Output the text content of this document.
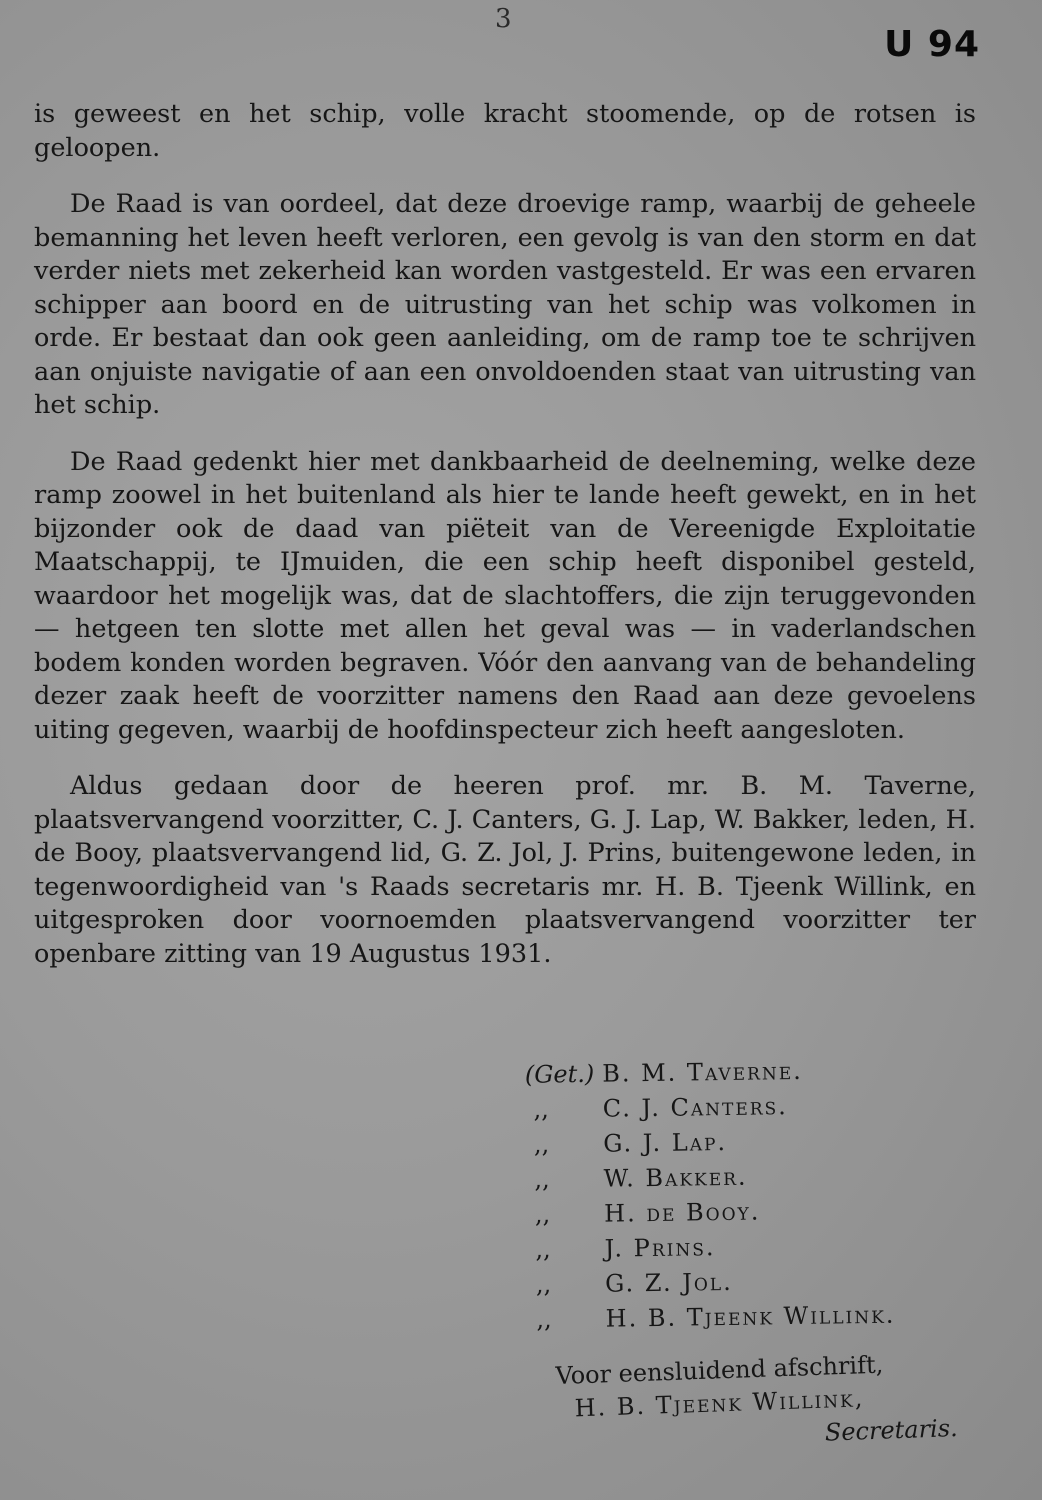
3
U 94

is geweest en het schip, volle kracht stoomende, op de rotsen is geloopen.

De Raad is van oordeel, dat deze droevige ramp, waarbij de geheele bemanning het leven heeft verloren, een gevolg is van den storm en dat verder niets met zekerheid kan worden vastgesteld. Er was een ervaren schipper aan boord en de uitrusting van het schip was volkomen in orde. Er bestaat dan ook geen aanleiding, om de ramp toe te schrijven aan onjuiste navigatie of aan een onvoldoenden staat van uitrusting van het schip.

De Raad gedenkt hier met dankbaarheid de deelneming, welke deze ramp zoowel in het buitenland als hier te lande heeft gewekt, en in het bijzonder ook de daad van piëteit van de Vereenigde Exploitatie Maatschappij, te IJmuiden, die een schip heeft disponibel gesteld, waardoor het mogelijk was, dat de slachtoffers, die zijn teruggevonden — hetgeen ten slotte met allen het geval was — in vaderlandschen bodem konden worden begraven. Vóór den aanvang van de behandeling dezer zaak heeft de voorzitter namens den Raad aan deze gevoelens uiting gegeven, waarbij de hoofdinspecteur zich heeft aangesloten.

Aldus gedaan door de heeren prof. mr. B. M. Taverne, plaatsvervangend voorzitter, C. J. Canters, G. J. Lap, W. Bakker, leden, H. de Booy, plaatsvervangend lid, G. Z. Jol, J. Prins, buitengewone leden, in tegenwoordigheid van 's Raads secretaris mr. H. B. Tjeenk Willink, en uitgesproken door voornoemden plaatsvervangend voorzitter ter openbare zitting van 19 Augustus 1931.

(Get.) B. M. Taverne.
,,	C. J. Canters.
,,	G. J. Lap.
,,	W. Bakker.
,,	H. de Booy.
,,	J. Prins.
,,	G. Z. Jol.
,,	H. B. Tjeenk Willink.
Voor eensluidend afschrift,
H. B. Tjeenk Willink,
Secretaris.
